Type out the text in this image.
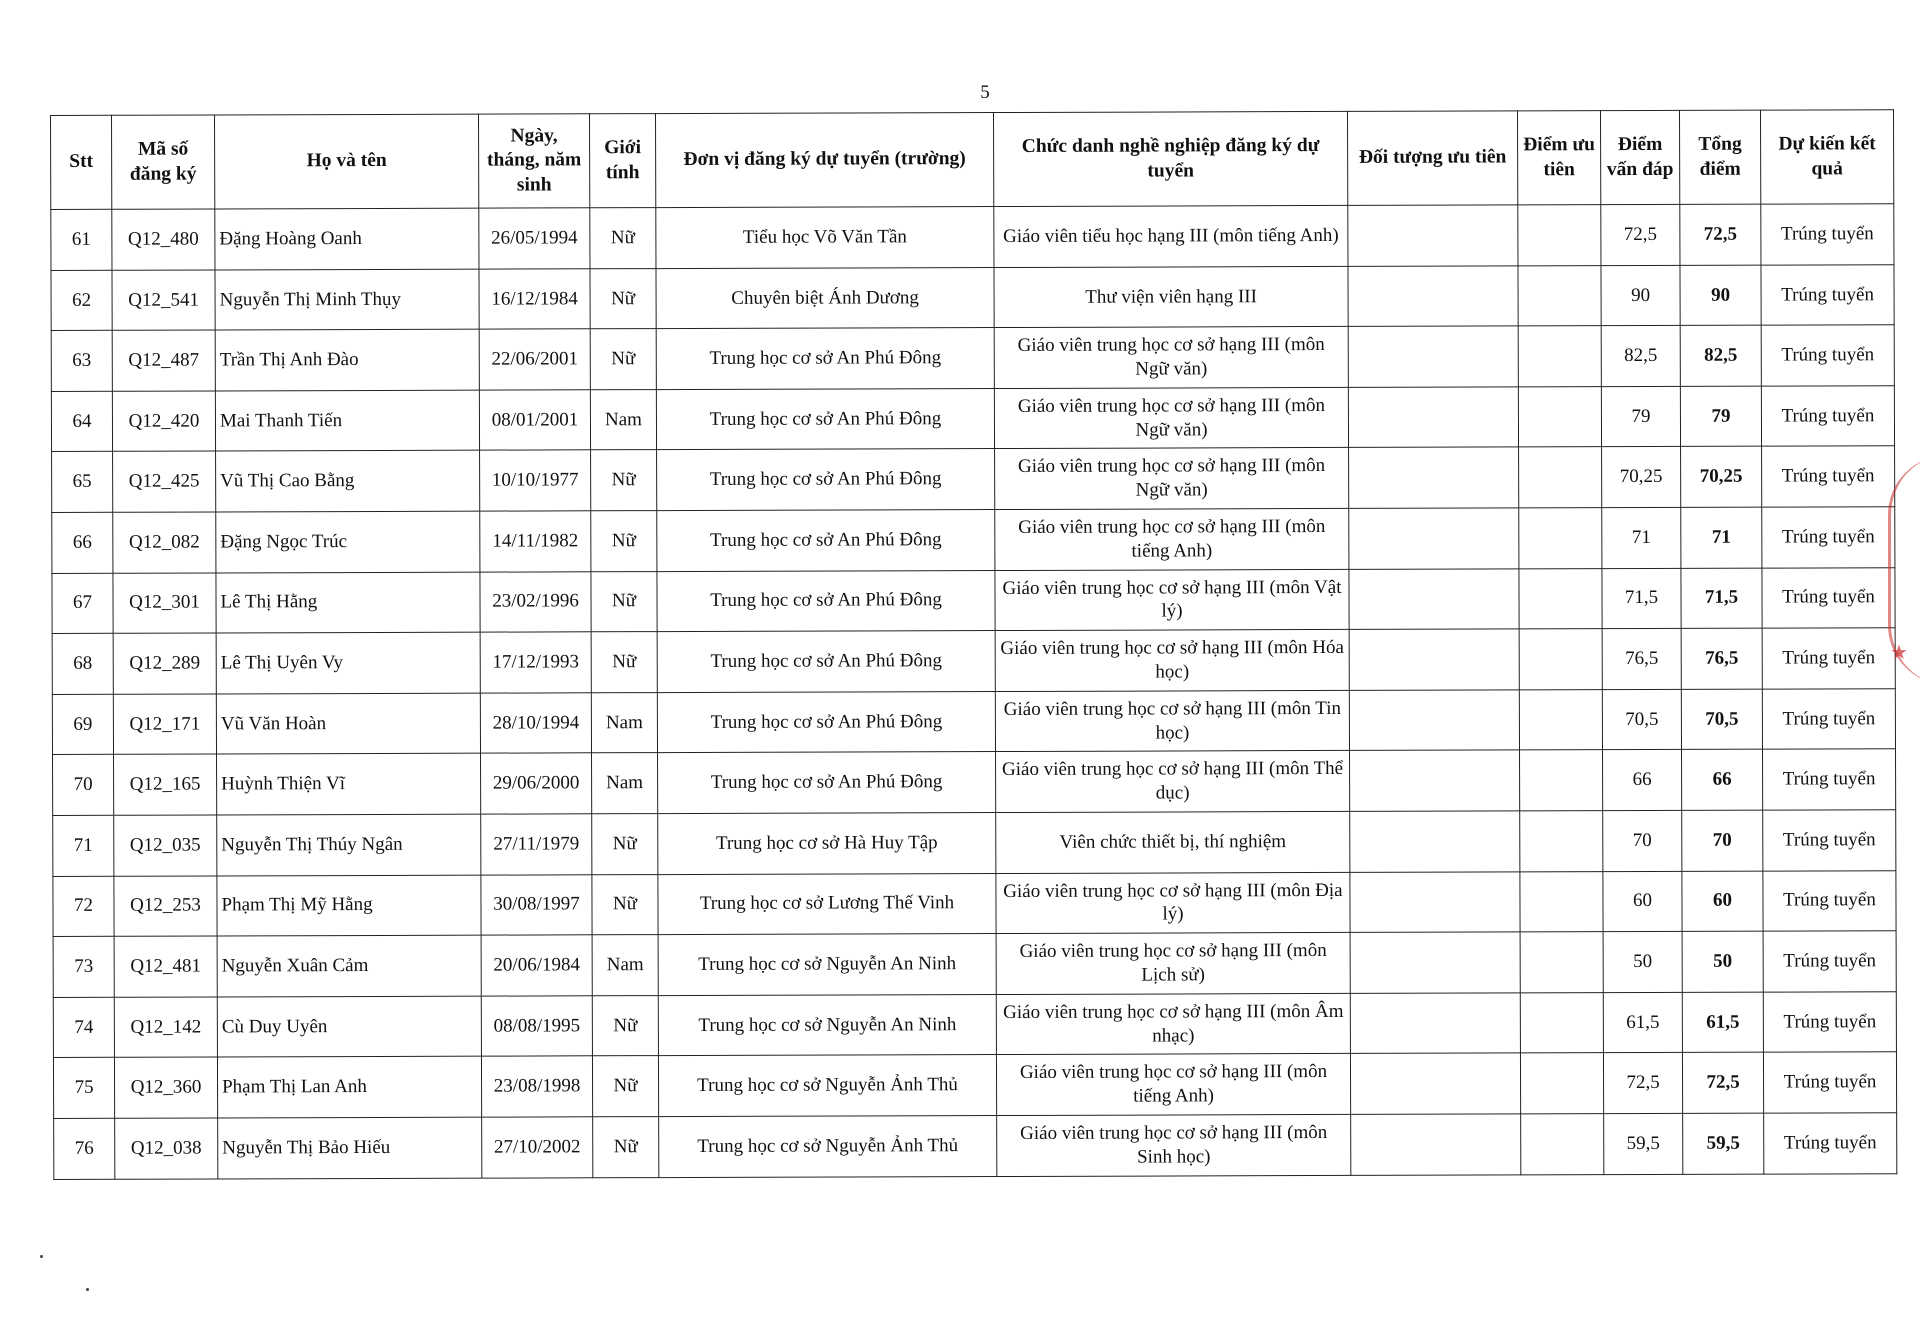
5
Stt	Mã số đăng ký	Họ và tên	Ngày, tháng, năm sinh	Giới tính	Đơn vị đăng ký dự tuyển (trường)	Chức danh nghề nghiệp đăng ký dự tuyển	Đối tượng ưu tiên	Điểm ưu tiên	Điểm vấn đáp	Tổng điểm	Dự kiến kết quả
61	Q12_480	Đặng Hoàng Oanh	26/05/1994	Nữ	Tiểu học Võ Văn Tần	Giáo viên tiểu học hạng III (môn tiếng Anh)			72,5	72,5	Trúng tuyển
62	Q12_541	Nguyễn Thị Minh Thụy	16/12/1984	Nữ	Chuyên biệt Ánh Dương	Thư viện viên hạng III			90	90	Trúng tuyển
63	Q12_487	Trần Thị Anh Đào	22/06/2001	Nữ	Trung học cơ sở An Phú Đông	Giáo viên trung học cơ sở hạng III (môn Ngữ văn)			82,5	82,5	Trúng tuyển
64	Q12_420	Mai Thanh Tiến	08/01/2001	Nam	Trung học cơ sở An Phú Đông	Giáo viên trung học cơ sở hạng III (môn Ngữ văn)			79	79	Trúng tuyển
65	Q12_425	Vũ Thị Cao Bằng	10/10/1977	Nữ	Trung học cơ sở An Phú Đông	Giáo viên trung học cơ sở hạng III (môn Ngữ văn)			70,25	70,25	Trúng tuyển
66	Q12_082	Đặng Ngọc Trúc	14/11/1982	Nữ	Trung học cơ sở An Phú Đông	Giáo viên trung học cơ sở hạng III (môn tiếng Anh)			71	71	Trúng tuyển
67	Q12_301	Lê Thị Hằng	23/02/1996	Nữ	Trung học cơ sở An Phú Đông	Giáo viên trung học cơ sở hạng III (môn Vật lý)			71,5	71,5	Trúng tuyển
68	Q12_289	Lê Thị Uyên Vy	17/12/1993	Nữ	Trung học cơ sở An Phú Đông	Giáo viên trung học cơ sở hạng III (môn Hóa học)			76,5	76,5	Trúng tuyển
69	Q12_171	Vũ Văn Hoàn	28/10/1994	Nam	Trung học cơ sở An Phú Đông	Giáo viên trung học cơ sở hạng III (môn Tin học)			70,5	70,5	Trúng tuyển
70	Q12_165	Huỳnh Thiện Vĩ	29/06/2000	Nam	Trung học cơ sở An Phú Đông	Giáo viên trung học cơ sở hạng III (môn Thể dục)			66	66	Trúng tuyển
71	Q12_035	Nguyễn Thị Thúy Ngân	27/11/1979	Nữ	Trung học cơ sở Hà Huy Tập	Viên chức thiết bị, thí nghiệm			70	70	Trúng tuyển
72	Q12_253	Phạm Thị Mỹ Hằng	30/08/1997	Nữ	Trung học cơ sở Lương Thế Vinh	Giáo viên trung học cơ sở hạng III (môn Địa lý)			60	60	Trúng tuyển
73	Q12_481	Nguyễn Xuân Cảm	20/06/1984	Nam	Trung học cơ sở Nguyễn An Ninh	Giáo viên trung học cơ sở hạng III (môn Lịch sử)			50	50	Trúng tuyển
74	Q12_142	Cù Duy Uyên	08/08/1995	Nữ	Trung học cơ sở Nguyễn An Ninh	Giáo viên trung học cơ sở hạng III (môn Âm nhạc)			61,5	61,5	Trúng tuyển
75	Q12_360	Phạm Thị Lan Anh	23/08/1998	Nữ	Trung học cơ sở Nguyễn Ảnh Thủ	Giáo viên trung học cơ sở hạng III (môn tiếng Anh)			72,5	72,5	Trúng tuyển
76	Q12_038	Nguyễn Thị Bảo Hiếu	27/10/2002	Nữ	Trung học cơ sở Nguyễn Ảnh Thủ	Giáo viên trung học cơ sở hạng III (môn Sinh học)			59,5	59,5	Trúng tuyển
★
